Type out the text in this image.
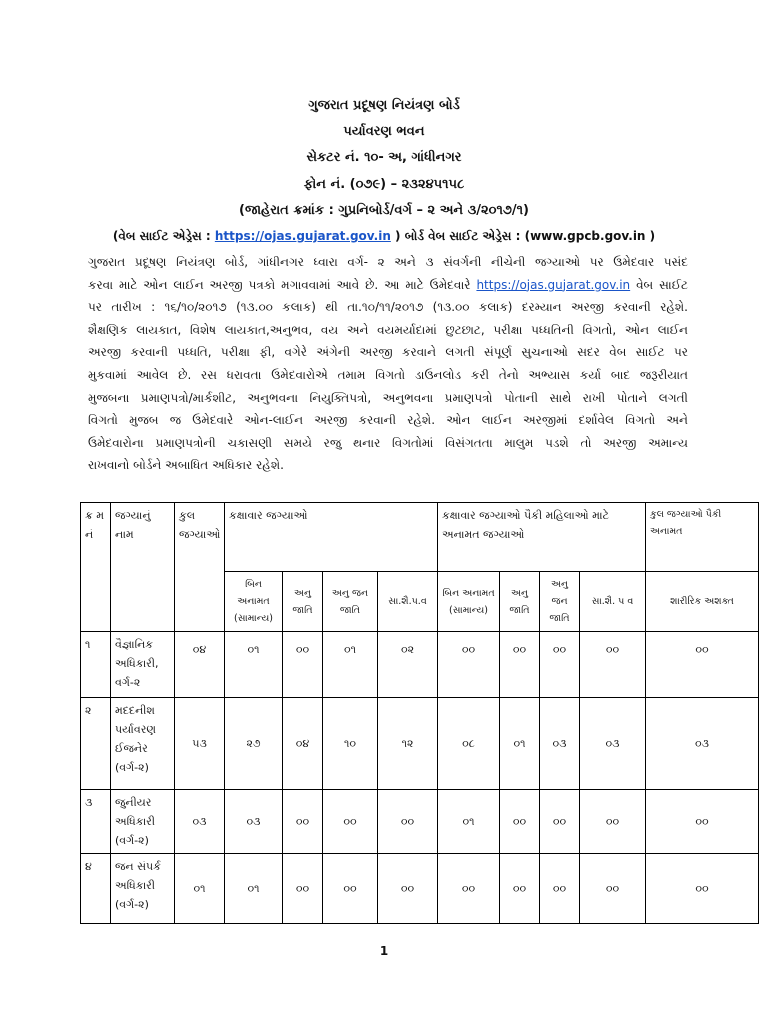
ગુજરાત પ્રદૂષણ નિયંત્રણ બોર્ડ
પર્યાવરણ ભવન
સેકટર નં. ૧૦- અ, ગાંધીનગર
ફોન નં. (૦૭૯) – ૨૩૨૪૫૧૫૮
(જાહેરાત ક્રમાંક : ગુપ્રનિબોર્ડ/વર્ગ – ૨ અને ૩/૨૦૧૭/૧)
(વેબ સાઈટ એડ્રેસ : https://ojas.gujarat.gov.in ) બોર્ડ વેબ સાઈટ એડ્રેસ : (www.gpcb.gov.in )
ગુજરાત પ્રદૂષણ નિયંત્રણ બોર્ડ, ગાંધીનગર ધ્વારા વર્ગ- ૨ અને ૩ સંવર્ગની નીચેની જગ્યાઓ પર ઉમેદવાર પસંદ
કરવા માટે ઓન લાઈન અરજી પત્રકો મગાવવામાં આવે છે. આ માટે ઉમેદવારે https://ojas.gujarat.gov.in વેબ સાઈટ
પર તારીખ : ૧૬/૧૦/૨૦૧૭ (૧૩.૦૦ કલાક) થી તા.૧૦/૧૧/૨૦૧૭ (૧૩.૦૦ કલાક) દરમ્યાન અરજી કરવાની રહેશે.
શૈક્ષણિક લાયકાત, વિશેષ લાયકાત,અનુભવ, વય અને વયમર્યાદામાં છુટછાટ, પરીક્ષા પધ્ધતિની વિગતો, ઓન લાઈન
અરજી કરવાની પધ્ધતિ, પરીક્ષા ફી, વગેરે અંગેની અરજી કરવાને લગતી સંપૂર્ણ સુચનાઓ સદર વેબ સાઈટ પર
મુકવામાં આવેલ છે. રસ ધરાવતા ઉમેદવારોએ તમામ વિગતો ડાઉનલોડ કરી તેનો અભ્યાસ કર્યા બાદ જરૂરીયાત
મુજબના પ્રમાણપત્રો/માર્કશીટ, અનુભવના નિયુક્તિપત્રો, અનુભવના પ્રમાણપત્રો પોતાની સાથે રાખી પોતાને લગતી
વિગતો મુજબ જ ઉમેદવારે ઓન-લાઈન અરજી કરવાની રહેશે. ઓન લાઈન અરજીમાં દર્શાવેલ વિગતો અને
ઉમેદવારોના પ્રમાણપત્રોની ચકાસણી સમયે રજુ થનાર વિગતોમાં વિસંગતતા માલુમ પડશે તો અરજી અમાન્ય
રાખવાનો બોર્ડને અબાધિત અધિકાર રહેશે.
ક્ર મ નં	જગ્યાનું નામ	કુલ જગ્યાઓ	કક્ષાવાર જગ્યાઓ				કક્ષાવાર જગ્યાઓ પૈકી મહિલાઓ માટે અનામત જગ્યાઓ				કુલ જગ્યાઓ પૈકી અનામત
			બિન અનામત (સામાન્ય)	અનુ જાતિ	અનુ જન જાતિ	સા.શૈ.પ.વ	બિન અનામત (સામાન્ય)	અનુ જાતિ	અનુ જન જાતિ	સા.શૈ. પ વ	શારીરિક અશક્ત
૧	વૈજ્ઞાનિક અધિકારી, વર્ગ-૨	૦૪	૦૧	૦૦	૦૧	૦૨	૦૦	૦૦	૦૦	૦૦	૦૦
૨	મદદનીશ પર્યાવરણ ઈજનેર (વર્ગ-૨)	૫૩	૨૭	૦૪	૧૦	૧૨	૦૮	૦૧	૦૩	૦૩	૦૩
૩	જુનીયર અધિકારી (વર્ગ-૨)	૦૩	૦૩	૦૦	૦૦	૦૦	૦૧	૦૦	૦૦	૦૦	૦૦
૪	જન સંપર્ક અધિકારી (વર્ગ-૨)	૦૧	૦૧	૦૦	૦૦	૦૦	૦૦	૦૦	૦૦	૦૦	૦૦
1
